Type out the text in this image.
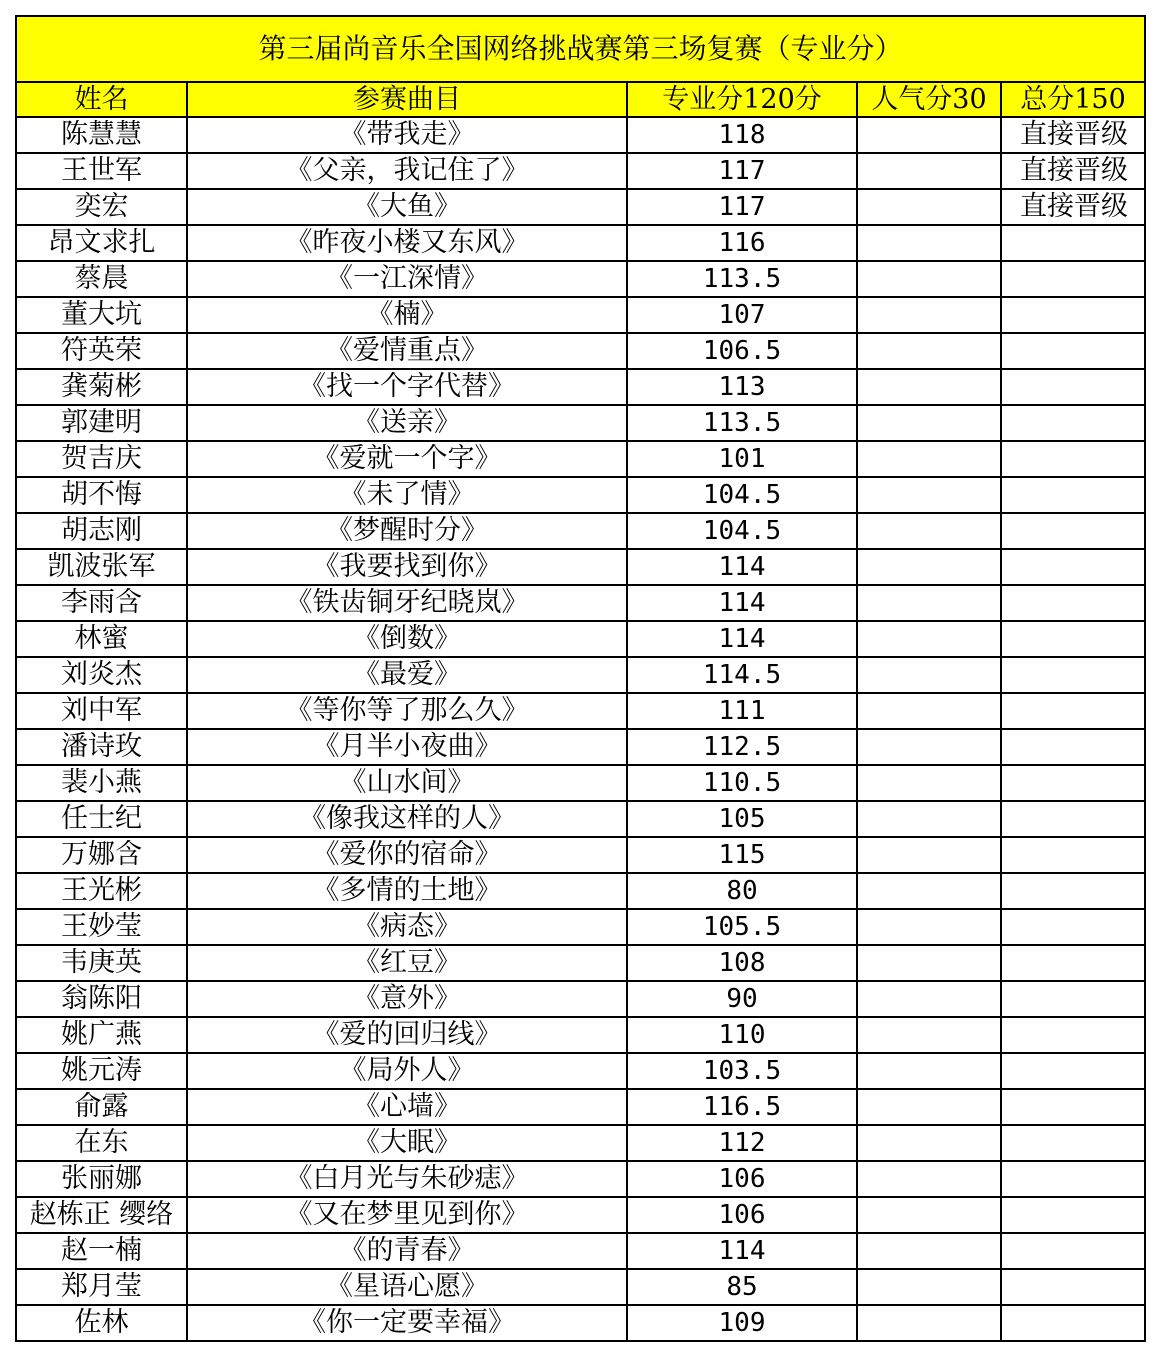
第三届尚音乐全国网络挑战赛第三场复赛（专业分）				
姓名	参赛曲目	专业分120分	人气分30	总分150
陈慧慧	《带我走》	118		直接晋级
王世军	《父亲，我记住了》	117		直接晋级
奕宏	《大鱼》	117		直接晋级
昂文求扎	《昨夜小楼又东风》	116		
蔡晨	《一江深情》	113.5		
董大坑	《楠》	107		
符英荣	《爱情重点》	106.5		
龚菊彬	《找一个字代替》	113		
郭建明	《送亲》	113.5		
贺吉庆	《爱就一个字》	101		
胡不悔	《未了情》	104.5		
胡志刚	《梦醒时分》	104.5		
凯波张军	《我要找到你》	114		
李雨含	《铁齿铜牙纪晓岚》	114		
林蜜	《倒数》	114		
刘炎杰	《最爱》	114.5		
刘中军	《等你等了那么久》	111		
潘诗玫	《月半小夜曲》	112.5		
裴小燕	《山水间》	110.5		
任士纪	《像我这样的人》	105		
万娜含	《爱你的宿命》	115		
王光彬	《多情的土地》	80		
王妙莹	《病态》	105.5		
韦庚英	《红豆》	108		
翁陈阳	《意外》	90		
姚广燕	《爱的回归线》	110		
姚元涛	《局外人》	103.5		
俞露	《心墙》	116.5		
在东	《大眠》	112		
张丽娜	《白月光与朱砂痣》	106		
赵栋正 缨络	《又在梦里见到你》	106		
赵一楠	《的青春》	114		
郑月莹	《星语心愿》	85		
佐林	《你一定要幸福》	109		
